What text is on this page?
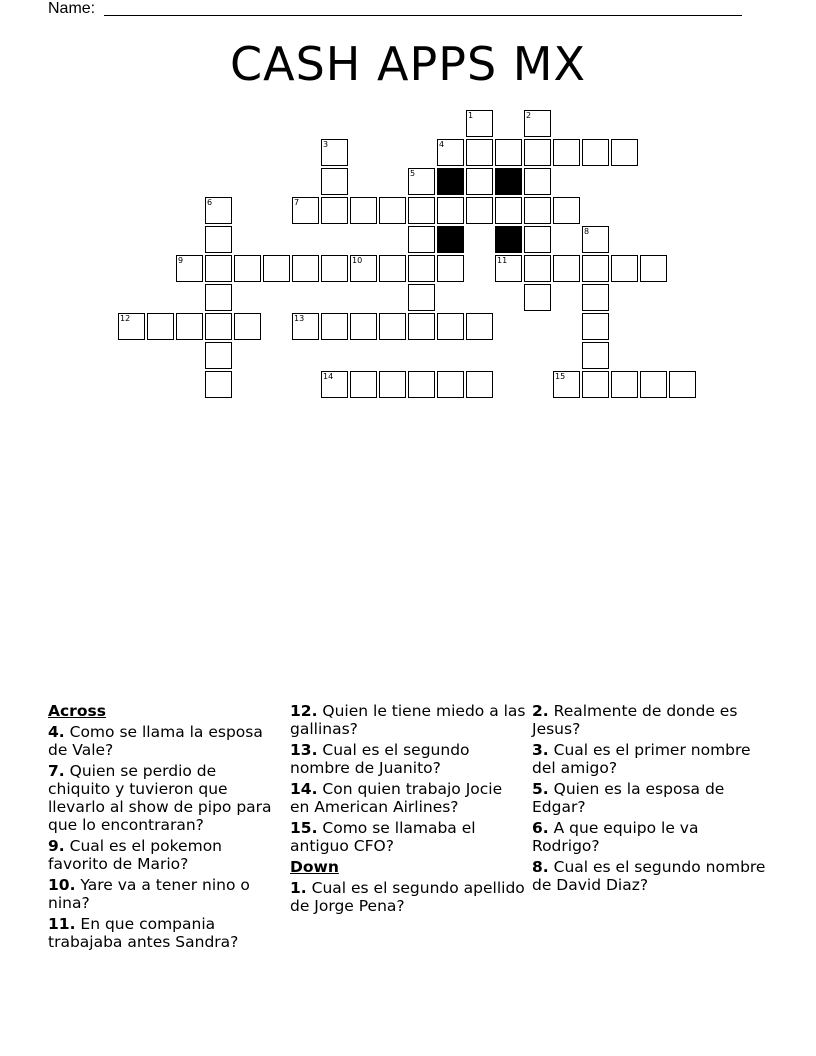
Name:
CASH APPS MX
1	2
3	4
5
6	7
8
9	10	11
12	13
14	15
Across
4. Como se llama la esposa de Vale?
7. Quien se perdio de chiquito y tuvieron que llevarlo al show de pipo para que lo encontraran?
9. Cual es el pokemon favorito de Mario?
10. Yare va a tener nino o nina?
11. En que compania trabajaba antes Sandra?
12. Quien le tiene miedo a las gallinas?
13. Cual es el segundo nombre de Juanito?
14. Con quien trabajo Jocie en American Airlines?
15. Como se llamaba el antiguo CFO?
Down
1. Cual es el segundo apellido de Jorge Pena?
2. Realmente de donde es Jesus?
3. Cual es el primer nombre del amigo?
5. Quien es la esposa de Edgar?
6. A que equipo le va Rodrigo?
8. Cual es el segundo nombre de David Diaz?
